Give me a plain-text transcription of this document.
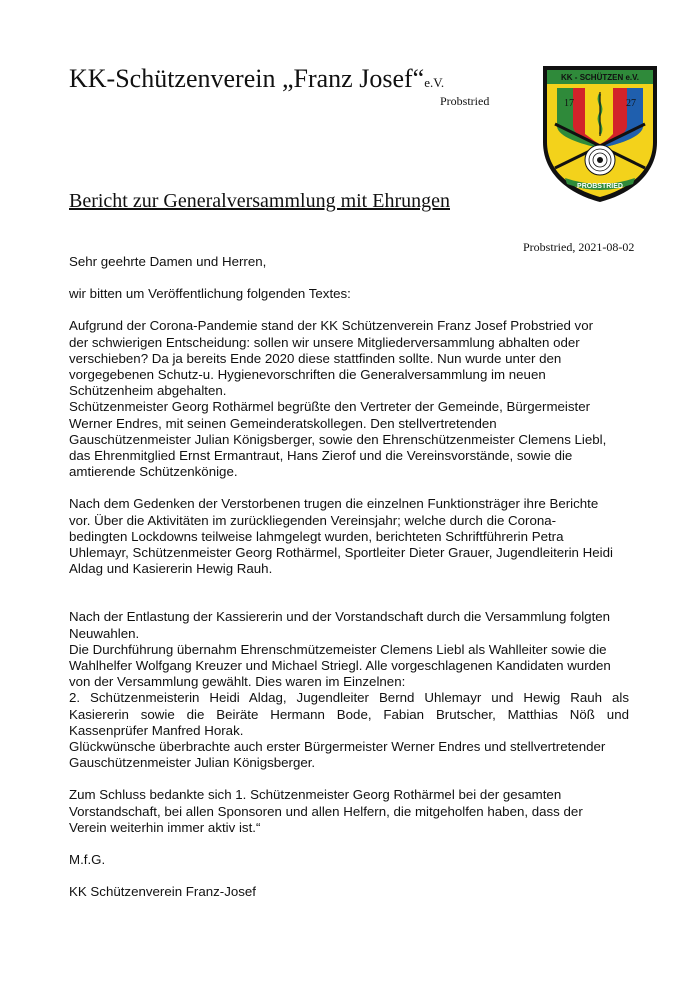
KK-Schützenverein „Franz Josef“e.V.
Probstried
KK - SCHÜTZEN e.V.
17	27
PROBSTRIED
Bericht zur Generalversammlung mit Ehrungen
Probstried, 2021-08-02

Sehr geehrte Damen und Herren,

wir bitten um Veröffentlichung folgenden Textes:

Aufgrund der Corona-Pandemie stand der KK Schützenverein Franz Josef Probstried vor
der schwierigen Entscheidung: sollen wir unsere Mitgliederversammlung abhalten oder
verschieben? Da ja bereits Ende 2020 diese stattfinden sollte. Nun wurde unter den
vorgegebenen Schutz-u. Hygienevorschriften die Generalversammlung im neuen
Schützenheim abgehalten.
Schützenmeister Georg Rothärmel begrüßte den Vertreter der Gemeinde, Bürgermeister
Werner Endres, mit seinen Gemeinderatskollegen. Den stellvertretenden
Gauschützenmeister Julian Königsberger, sowie den Ehrenschützenmeister Clemens Liebl,
das Ehrenmitglied Ernst Ermantraut, Hans Zierof und die Vereinsvorstände, sowie die
amtierende Schützenkönige.
Nach dem Gedenken der Verstorbenen trugen die einzelnen Funktionsträger ihre Berichte
vor. Über die Aktivitäten im zurückliegenden Vereinsjahr; welche durch die Corona-
bedingten Lockdowns teilweise lahmgelegt wurden, berichteten Schriftführerin Petra
Uhlemayr, Schützenmeister Georg Rothärmel, Sportleiter Dieter Grauer, Jugendleiterin Heidi
Aldag und Kasiererin Hewig Rauh.
Nach der Entlastung der Kassiererin und der Vorstandschaft durch die Versammlung folgten
Neuwahlen.
Die Durchführung übernahm Ehrenschmützemeister Clemens Liebl als Wahlleiter sowie die
Wahlhelfer Wolfgang Kreuzer und Michael Striegl. Alle vorgeschlagenen Kandidaten wurden
von der Versammlung gewählt. Dies waren im Einzelnen:
2. Schützenmeisterin Heidi Aldag, Jugendleiter Bernd Uhlemayr und Hewig Rauh als Kasiererin sowie die Beiräte Hermann Bode, Fabian Brutscher, Matthias Nöß und Kassenprüfer Manfred Horak.
Glückwünsche überbrachte auch erster Bürgermeister Werner Endres und stellvertretender
Gauschützenmeister Julian Königsberger.
Zum Schluss bedankte sich 1. Schützenmeister Georg Rothärmel bei der gesamten
Vorstandschaft, bei allen Sponsoren und allen Helfern, die mitgeholfen haben, dass der
Verein weiterhin immer aktiv ist.“

M.f.G.

KK Schützenverein Franz-Josef
